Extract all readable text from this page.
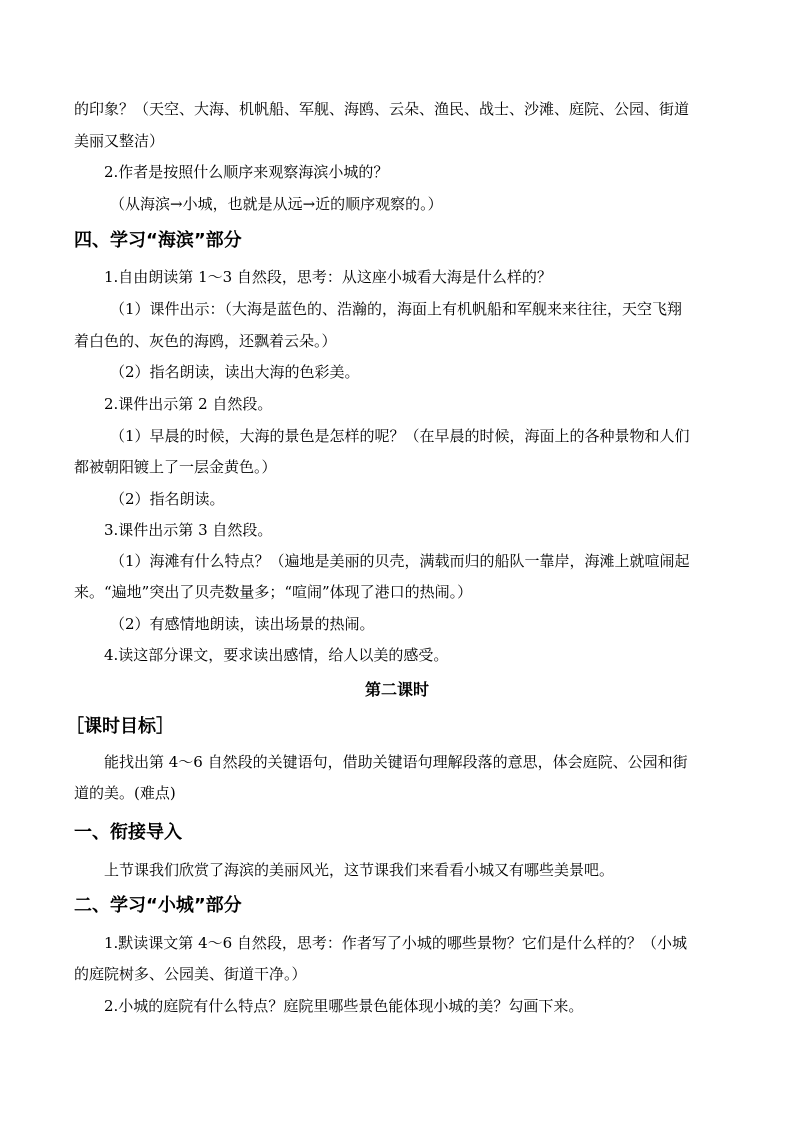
的印象？（天空、大海、机帆船、军舰、海鸥、云朵、渔民、战士、沙滩、庭院、公园、街道
美丽又整洁）
2.作者是按照什么顺序来观察海滨小城的？
（从海滨→小城，也就是从远→近的顺序观察的。）
四、学习“海滨”部分
1.自由朗读第 1～3 自然段，思考：从这座小城看大海是什么样的？
（1）课件出示：（大海是蓝色的、浩瀚的，海面上有机帆船和军舰来来往往，天空飞翔
着白色的、灰色的海鸥，还飘着云朵。）
（2）指名朗读，读出大海的色彩美。
2.课件出示第 2 自然段。
（1）早晨的时候，大海的景色是怎样的呢？（在早晨的时候，海面上的各种景物和人们
都被朝阳镀上了一层金黄色。）
（2）指名朗读。
3.课件出示第 3 自然段。
（1）海滩有什么特点？（遍地是美丽的贝壳，满载而归的船队一靠岸，海滩上就喧闹起
来。“遍地”突出了贝壳数量多；“喧闹”体现了港口的热闹。）
（2）有感情地朗读，读出场景的热闹。
4.读这部分课文，要求读出感情，给人以美的感受。
第二课时
［课时目标］
能找出第 4～6 自然段的关键语句，借助关键语句理解段落的意思，体会庭院、公园和街
道的美。(难点)
一、衔接导入
上节课我们欣赏了海滨的美丽风光，这节课我们来看看小城又有哪些美景吧。
二、学习“小城”部分
1.默读课文第 4～6 自然段，思考：作者写了小城的哪些景物？它们是什么样的？（小城
的庭院树多、公园美、街道干净。）
2.小城的庭院有什么特点？庭院里哪些景色能体现小城的美？勾画下来。
